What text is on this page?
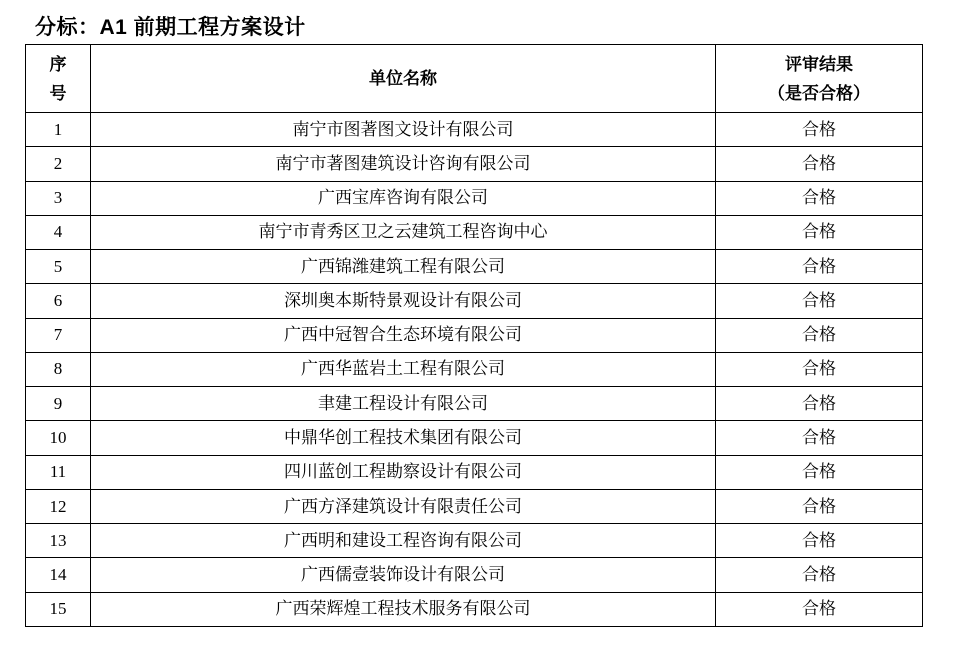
分标：A1 前期工程方案设计
序
号	单位名称	评审结果
（是否合格）

1	南宁市图著图文设计有限公司	合格
2	南宁市著图建筑设计咨询有限公司	合格
3	广西宝库咨询有限公司	合格
4	南宁市青秀区卫之云建筑工程咨询中心	合格
5	广西锦潍建筑工程有限公司	合格
6	深圳奥本斯特景观设计有限公司	合格
7	广西中冠智合生态环境有限公司	合格
8	广西华蓝岩土工程有限公司	合格
9	聿建工程设计有限公司	合格
10	中鼎华创工程技术集团有限公司	合格
11	四川蓝创工程勘察设计有限公司	合格
12	广西方泽建筑设计有限责任公司	合格
13	广西明和建设工程咨询有限公司	合格
14	广西儒壹装饰设计有限公司	合格
15	广西荣辉煌工程技术服务有限公司	合格
